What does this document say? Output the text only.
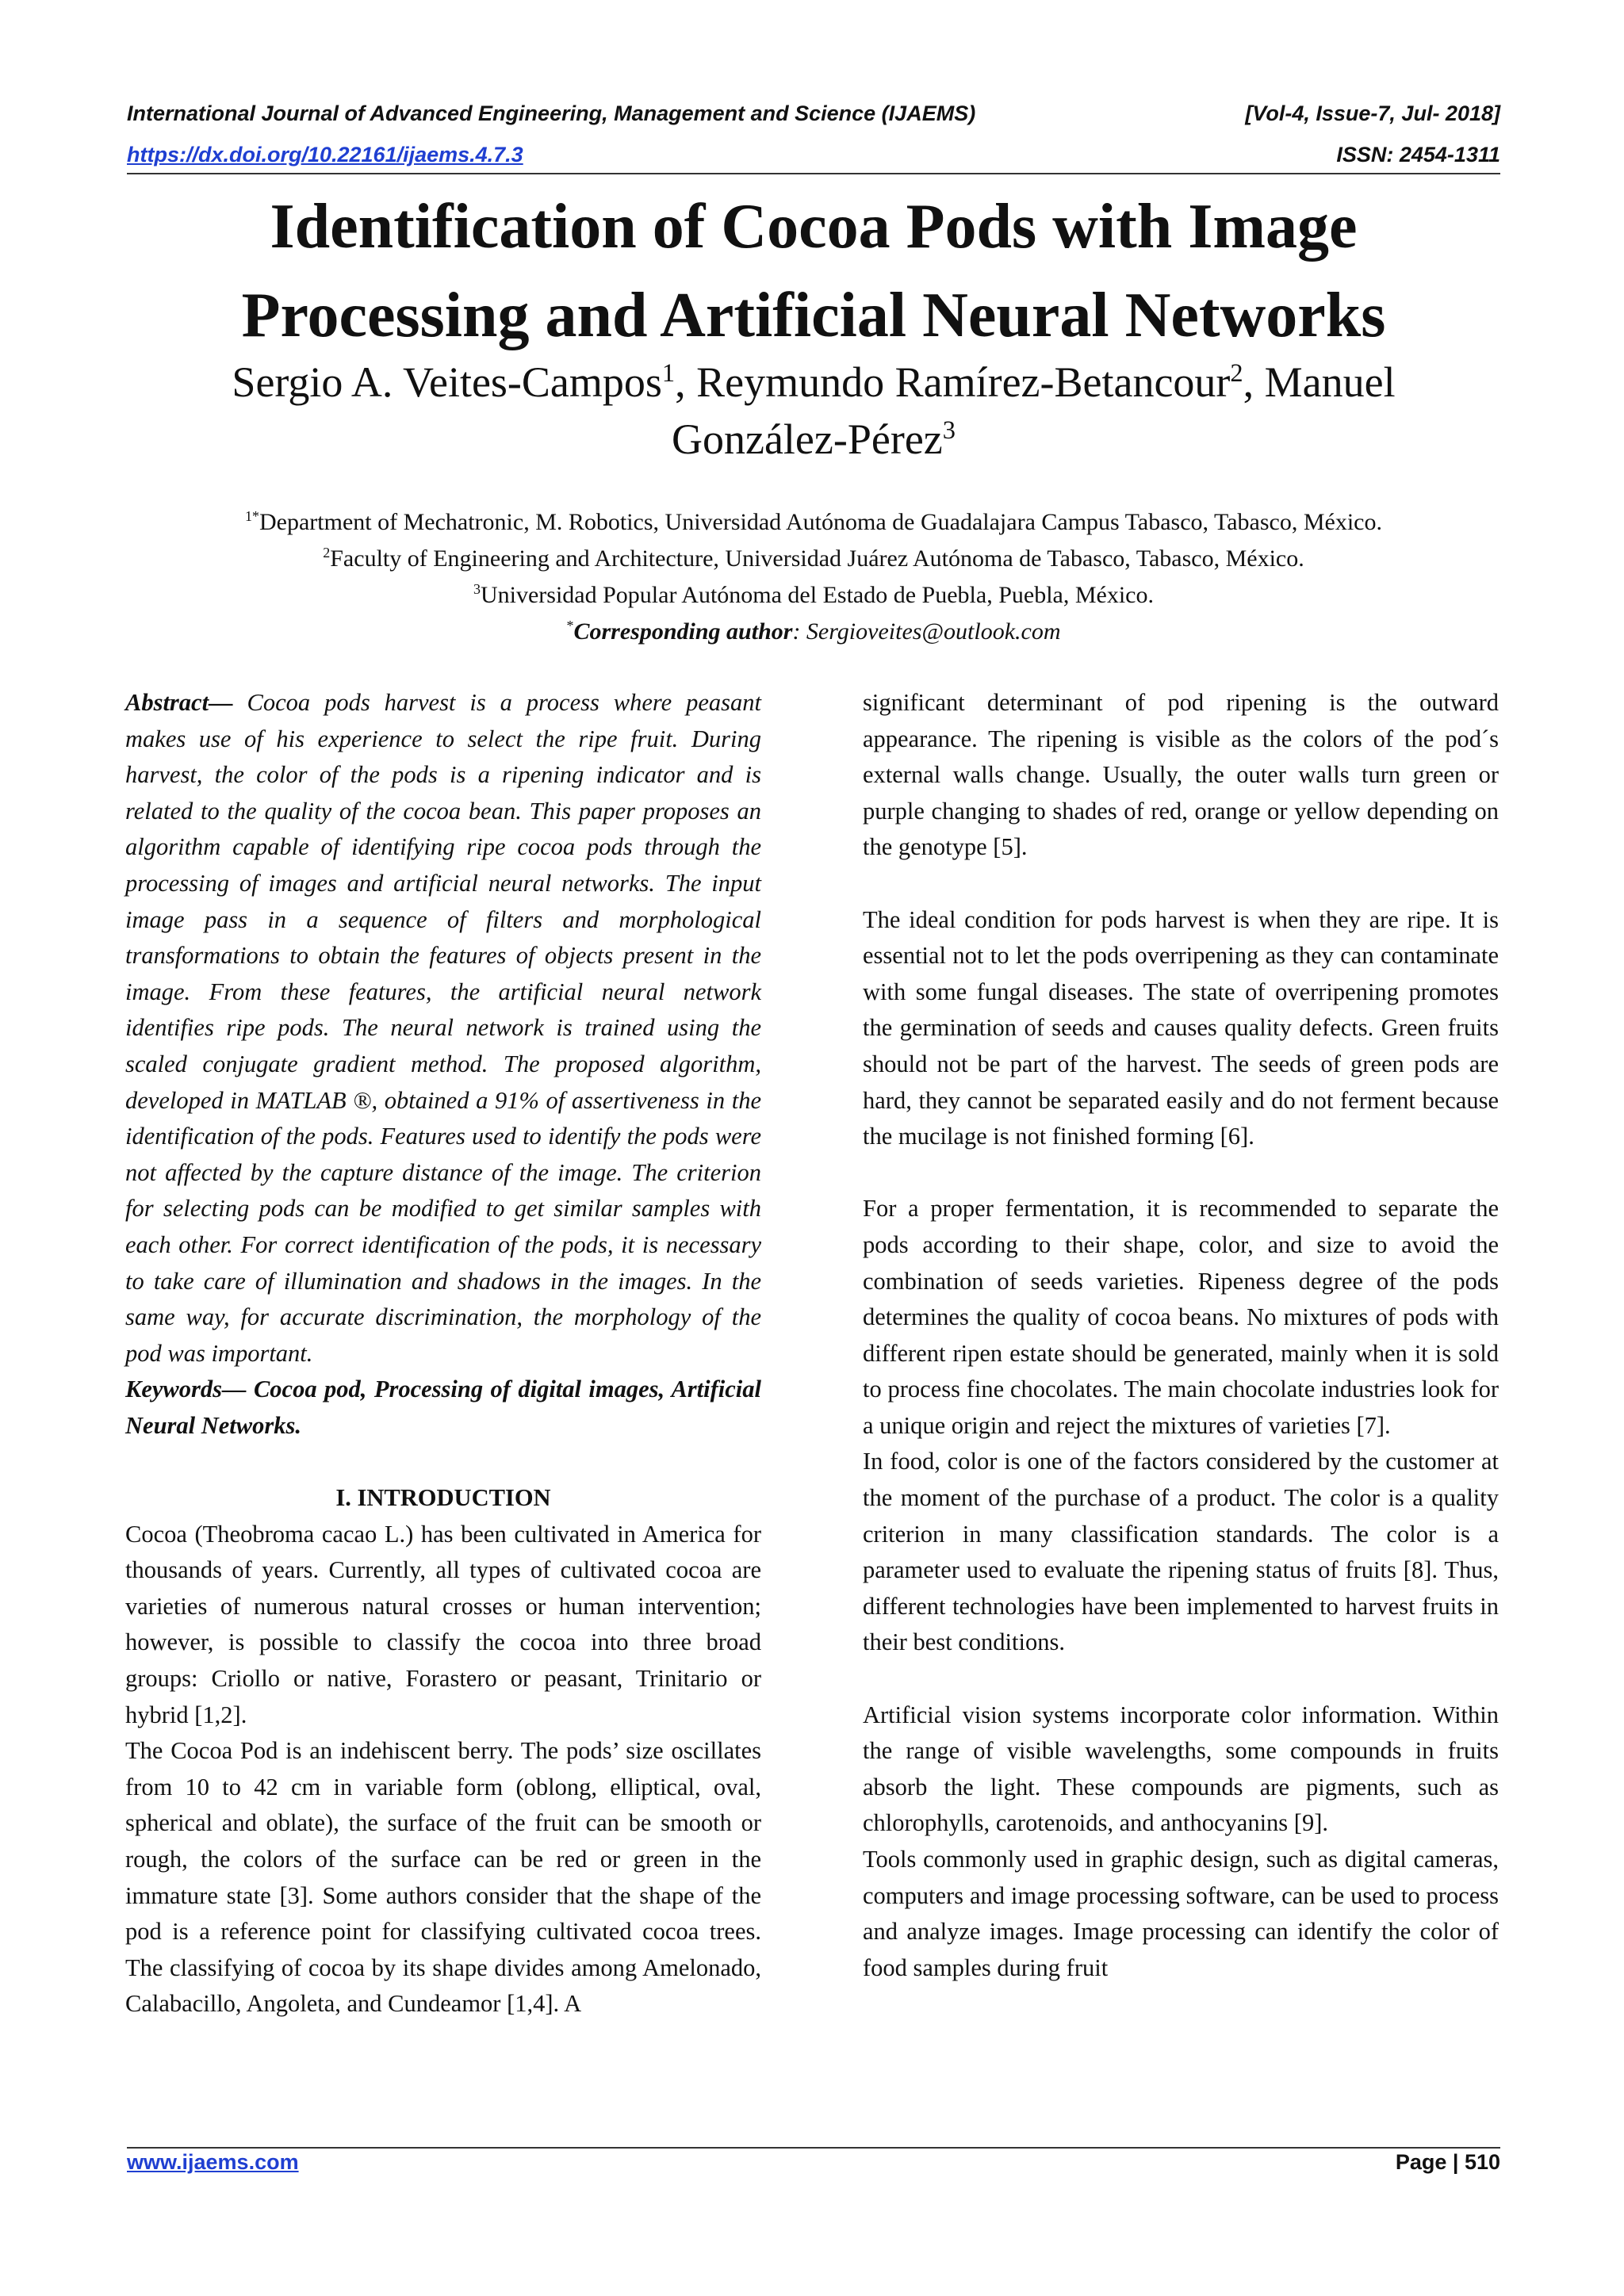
International Journal of Advanced Engineering, Management and Science (IJAEMS)	[Vol-4, Issue-7, Jul- 2018]
https://dx.doi.org/10.22161/ijaems.4.7.3	ISSN: 2454-1311
Identification of Cocoa Pods with Image
Processing and Artificial Neural Networks
Sergio A. Veites-Campos$^1$, Reymundo Ramírez-Betancour$^2$, Manuel
González-Pérez$^3$
$^{1*}$Department of Mechatronic, M. Robotics, Universidad Autónoma de Guadalajara Campus Tabasco, Tabasco, México.
$^2$Faculty of Engineering and Architecture, Universidad Juárez Autónoma de Tabasco, Tabasco, México.
$^3$Universidad Popular Autónoma del Estado de Puebla, Puebla, México.
*Corresponding author: Sergioveites@outlook.com

Abstract— Cocoa pods harvest is a process where peasant makes use of his experience to select the ripe fruit. During harvest, the color of the pods is a ripening indicator and is related to the quality of the cocoa bean. This paper proposes an algorithm capable of identifying ripe cocoa pods through the processing of images and artificial neural networks. The input image pass in a sequence of filters and morphological transformations to obtain the features of objects present in the image. From these features, the artificial neural network identifies ripe pods. The neural network is trained using the scaled conjugate gradient method. The proposed algorithm, developed in MATLAB ®, obtained a 91% of assertiveness in the identification of the pods. Features used to identify the pods were not affected by the capture distance of the image. The criterion for selecting pods can be modified to get similar samples with each other. For correct identification of the pods, it is necessary to take care of illumination and shadows in the images. In the same way, for accurate discrimination, the morphology of the pod was important.

Keywords— Cocoa pod, Processing of digital images, Artificial Neural Networks.

I. INTRODUCTION

Cocoa (Theobroma cacao L.) has been cultivated in America for thousands of years. Currently, all types of cultivated cocoa are varieties of numerous natural crosses or human intervention; however, is possible to classify the cocoa into three broad groups: Criollo or native, Forastero or peasant, Trinitario or hybrid [1,2].

The Cocoa Pod is an indehiscent berry. The pods’ size oscillates from 10 to 42 cm in variable form (oblong, elliptical, oval, spherical and oblate), the surface of the fruit can be smooth or rough, the colors of the surface can be red or green in the immature state [3]. Some authors consider that the shape of the pod is a reference point for classifying cultivated cocoa trees. The classifying of cocoa by its shape divides among Amelonado, Calabacillo, Angoleta, and Cundeamor [1,4]. A

significant determinant of pod ripening is the outward appearance. The ripening is visible as the colors of the pod´s external walls change. Usually, the outer walls turn green or purple changing to shades of red, orange or yellow depending on the genotype [5].

The ideal condition for pods harvest is when they are ripe. It is essential not to let the pods overripening as they can contaminate with some fungal diseases. The state of overripening promotes the germination of seeds and causes quality defects. Green fruits should not be part of the harvest. The seeds of green pods are hard, they cannot be separated easily and do not ferment because the mucilage is not finished forming [6].

For a proper fermentation, it is recommended to separate the pods according to their shape, color, and size to avoid the combination of seeds varieties. Ripeness degree of the pods determines the quality of cocoa beans. No mixtures of pods with different ripen estate should be generated, mainly when it is sold to process fine chocolates. The main chocolate industries look for a unique origin and reject the mixtures of varieties [7].

In food, color is one of the factors considered by the customer at the moment of the purchase of a product. The color is a quality criterion in many classification standards. The color is a parameter used to evaluate the ripening status of fruits [8]. Thus, different technologies have been implemented to harvest fruits in their best conditions.

Artificial vision systems incorporate color information. Within the range of visible wavelengths, some compounds in fruits absorb the light. These compounds are pigments, such as chlorophylls, carotenoids, and anthocyanins [9].

Tools commonly used in graphic design, such as digital cameras, computers and image processing software, can be used to process and analyze images. Image processing can identify the color of food samples during fruit

www.ijaems.com	Page | 510
